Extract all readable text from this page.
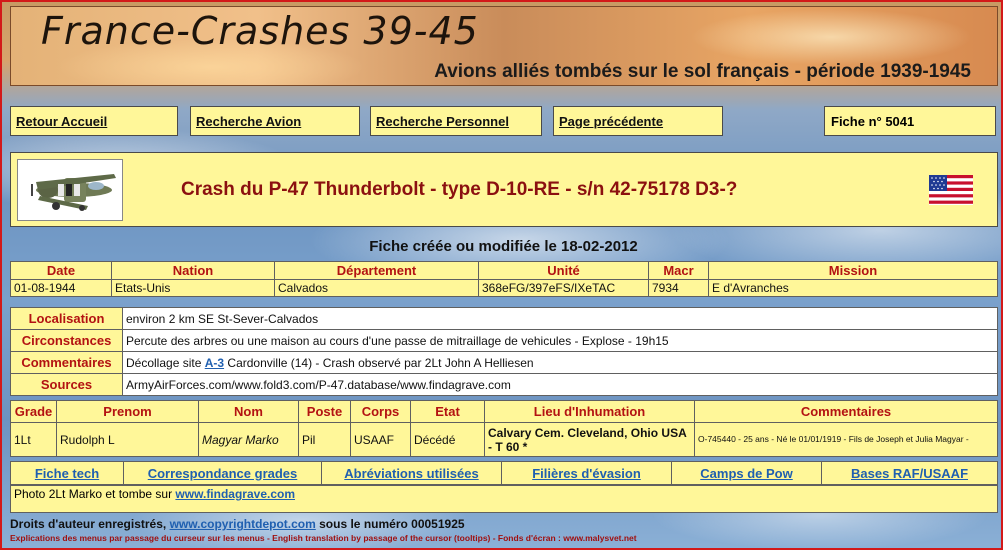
France-Crashes 39-45
Avions alliés tombés sur le sol français - période 1939-1945
Retour Accueil	Recherche Avion	Recherche Personnel	Page précédente	Fiche n° 5041
Crash du P-47 Thunderbolt - type D-10-RE - s/n 42-75178 D3-?
Fiche créée ou modifiée le 18-02-2012
Date	Nation	Département	Unité	Macr	Mission
01-08-1944	Etats-Unis	Calvados	368eFG/397eFS/IXeTAC	7934	E d'Avranches
Localisation	environ 2 km SE St-Sever-Calvados
Circonstances	Percute des arbres ou une maison au cours d'une passe de mitraillage de vehicules - Explose - 19h15
Commentaires	Décollage site A-3 Cardonville (14) - Crash observé par 2Lt John A Helliesen
Sources	ArmyAirForces.com/www.fold3.com/P-47.database/www.findagrave.com
Grade	Prenom	Nom	Poste	Corps	Etat	Lieu d'Inhumation	Commentaires
1Lt	Rudolph L	Magyar Marko	Pil	USAAF	Décédé	Calvary Cem. Cleveland, Ohio USA - T 60 *	O-745440 - 25 ans - Né le 01/01/1919 - Fils de Joseph et Julia Magyar -
Fiche tech	Correspondance grades	Abréviations utilisées	Filières d'évasion	Camps de Pow	Bases RAF/USAAF
Photo 2Lt Marko et tombe sur www.findagrave.com
Droits d'auteur enregistrés, www.copyrightdepot.com sous le numéro 00051925
Explications des menus par passage du curseur sur les menus - English translation by passage of the cursor (tooltips) - Fonds d'écran : www.malysvet.net
